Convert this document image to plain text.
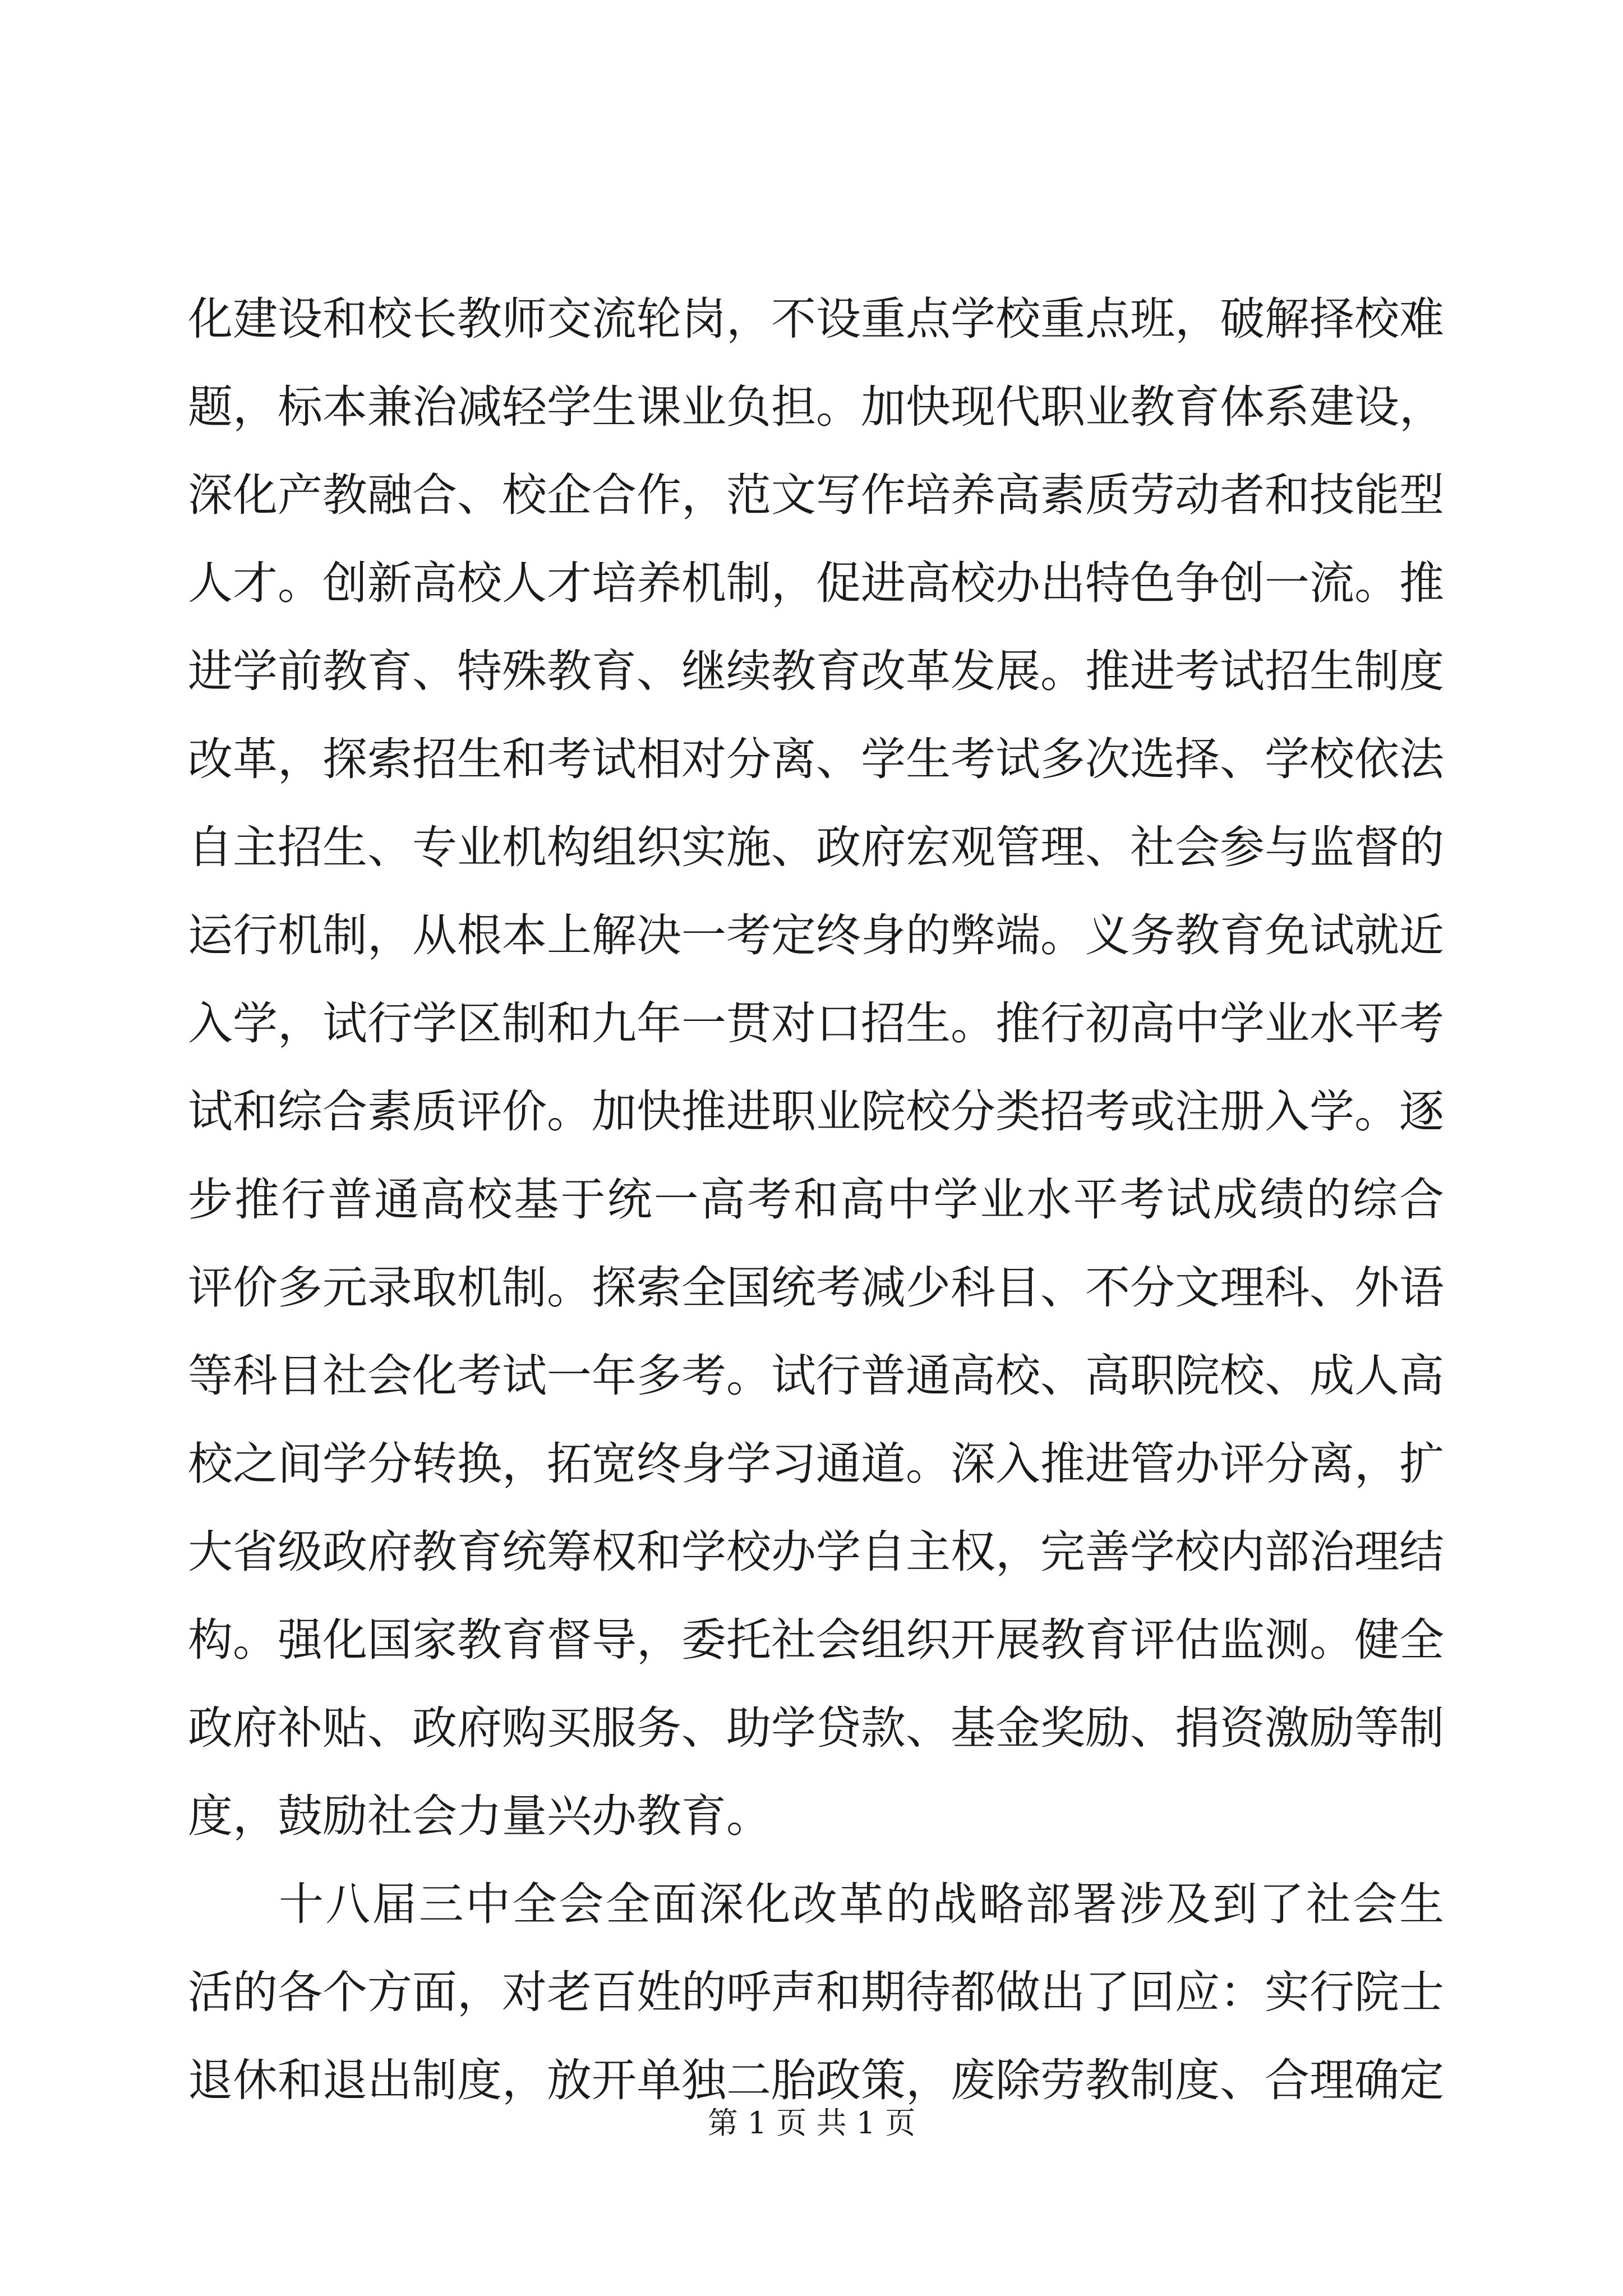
化建设和校长教师交流轮岗，不设重点学校重点班，破解择校难
题，标本兼治减轻学生课业负担。加快现代职业教育体系建设，
深化产教融合、校企合作，范文写作培养高素质劳动者和技能型
人才。创新高校人才培养机制，促进高校办出特色争创一流。推
进学前教育、特殊教育、继续教育改革发展。推进考试招生制度
改革，探索招生和考试相对分离、学生考试多次选择、学校依法
自主招生、专业机构组织实施、政府宏观管理、社会参与监督的
运行机制，从根本上解决一考定终身的弊端。义务教育免试就近
入学，试行学区制和九年一贯对口招生。推行初高中学业水平考
试和综合素质评价。加快推进职业院校分类招考或注册入学。逐
步推行普通高校基于统一高考和高中学业水平考试成绩的综合
评价多元录取机制。探索全国统考减少科目、不分文理科、外语
等科目社会化考试一年多考。试行普通高校、高职院校、成人高
校之间学分转换，拓宽终身学习通道。深入推进管办评分离，扩
大省级政府教育统筹权和学校办学自主权，完善学校内部治理结
构。强化国家教育督导，委托社会组织开展教育评估监测。健全
政府补贴、政府购买服务、助学贷款、基金奖励、捐资激励等制
度，鼓励社会力量兴办教育。
十八届三中全会全面深化改革的战略部署涉及到了社会生
活的各个方面，对老百姓的呼声和期待都做出了回应：实行院士
退休和退出制度，放开单独二胎政策，废除劳教制度、合理确定
第 1 页 共 1 页
